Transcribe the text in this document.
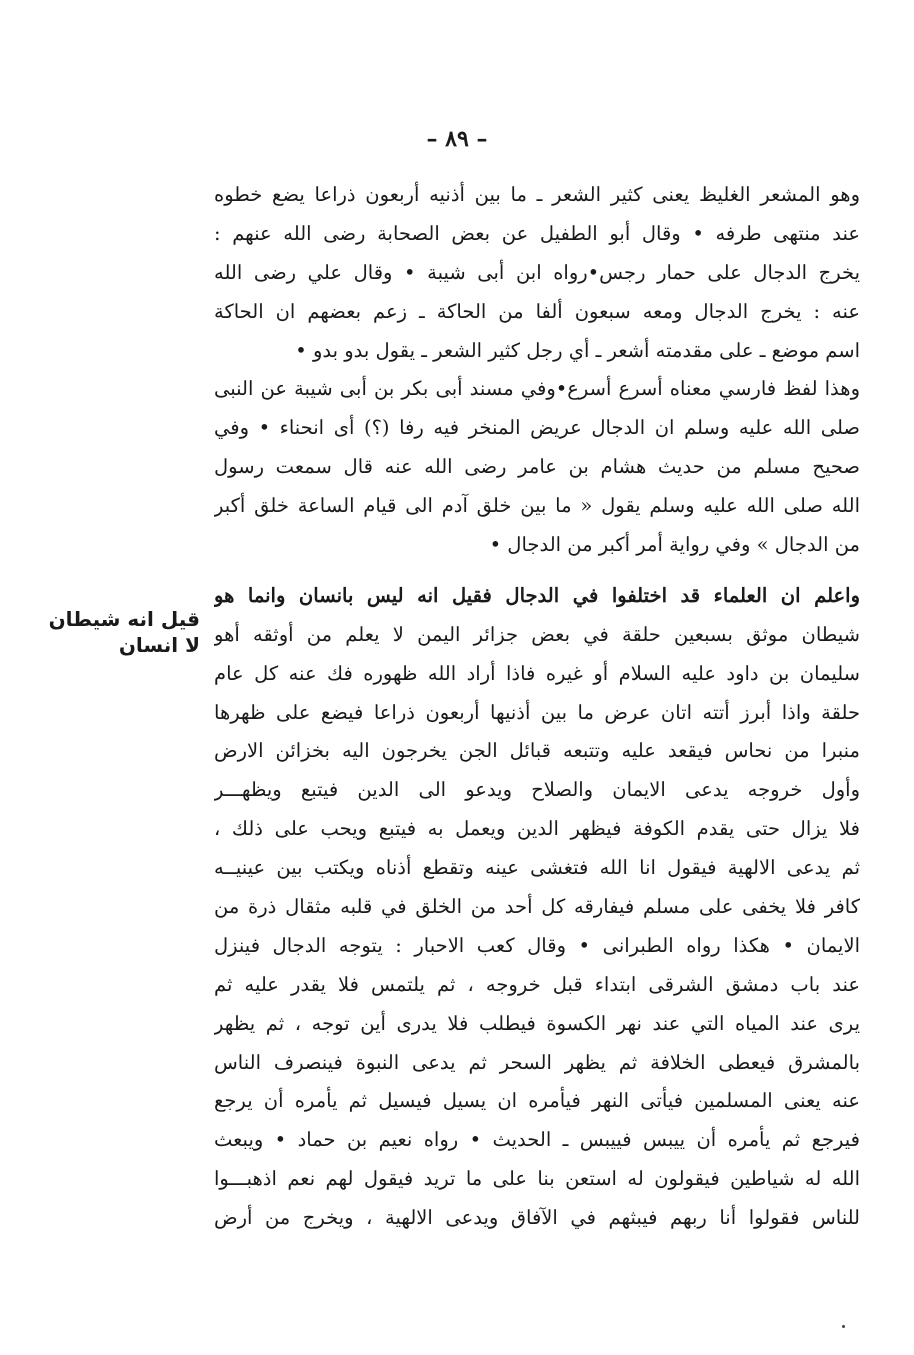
– ٨٩ –
قيل انه شيطان
لا انسان
وهو المشعر الغليظ يعنى كثير الشعر ـ ما بين أذنيه أربعون ذراعا يضع خطوه
عند منتهى طرفه • وقال أبو الطفيل عن بعض الصحابة رضى الله عنهم :
يخرج الدجال على حمار رجس•رواه ابن أبى شيبة • وقال علي رضى الله
عنه : يخرج الدجال ومعه سبعون ألفا من الحاكة ـ زعم بعضهم ان الحاكة
اسم موضع ـ على مقدمته أشعر ـ أي رجل كثير الشعر ـ يقول بدو بدو •
وهذا لفظ فارسي معناه أسرع أسرع•وفي مسند أبى بكر بن أبى شيبة عن النبى
صلى الله عليه وسلم ان الدجال عريض المنخر فيه رفا (؟) أى انحناء • وفي
صحيح مسلم من حديث هشام بن عامر رضى الله عنه قال سمعت رسول
الله صلى الله عليه وسلم يقول « ما بين خلق آدم الى قيام الساعة خلق أكبر
من الدجال » وفي رواية أمر أكبر من الدجال •
واعلم ان العلماء قد اختلفوا في الدجال فقيل انه ليس بانسان وانما هو
شيطان موثق بسبعين حلقة في بعض جزائر اليمن لا يعلم من أوثقه أهو
سليمان بن داود عليه السلام أو غيره فاذا أراد الله ظهوره فك عنه كل عام
حلقة واذا أبرز أتته اتان عرض ما بين أذنيها أربعون ذراعا فيضع على ظهرها
منبرا من نحاس فيقعد عليه وتتبعه قبائل الجن يخرجون اليه بخزائن الارض
وأول خروجه يدعى الايمان والصلاح ويدعو الى الدين فيتبع ويظهـــر
فلا يزال حتى يقدم الكوفة فيظهر الدين ويعمل به فيتبع ويحب على ذلك ،
ثم يدعى الالهية فيقول انا الله فتغشى عينه وتقطع أذناه ويكتب بين عينيــه
كافر فلا يخفى على مسلم فيفارقه كل أحد من الخلق في قلبه مثقال ذرة من
الايمان • هكذا رواه الطبرانى • وقال كعب الاحبار : يتوجه الدجال فينزل
عند باب دمشق الشرقى ابتداء قبل خروجه ، ثم يلتمس فلا يقدر عليه ثم
يرى عند المياه التي عند نهر الكسوة فيطلب فلا يدرى أين توجه ، ثم يظهر
بالمشرق فيعطى الخلافة ثم يظهر السحر ثم يدعى النبوة فينصرف الناس
عنه يعنى المسلمين فيأتى النهر فيأمره ان يسيل فيسيل ثم يأمره أن يرجع
فيرجع ثم يأمره أن ييبس فييبس ـ الحديث • رواه نعيم بن حماد • ويبعث
الله له شياطين فيقولون له استعن بنا على ما تريد فيقول لهم نعم اذهبـــوا
للناس فقولوا أنا ربهم فيبثهم في الآفاق ويدعى الالهية ، ويخرج من أرض
